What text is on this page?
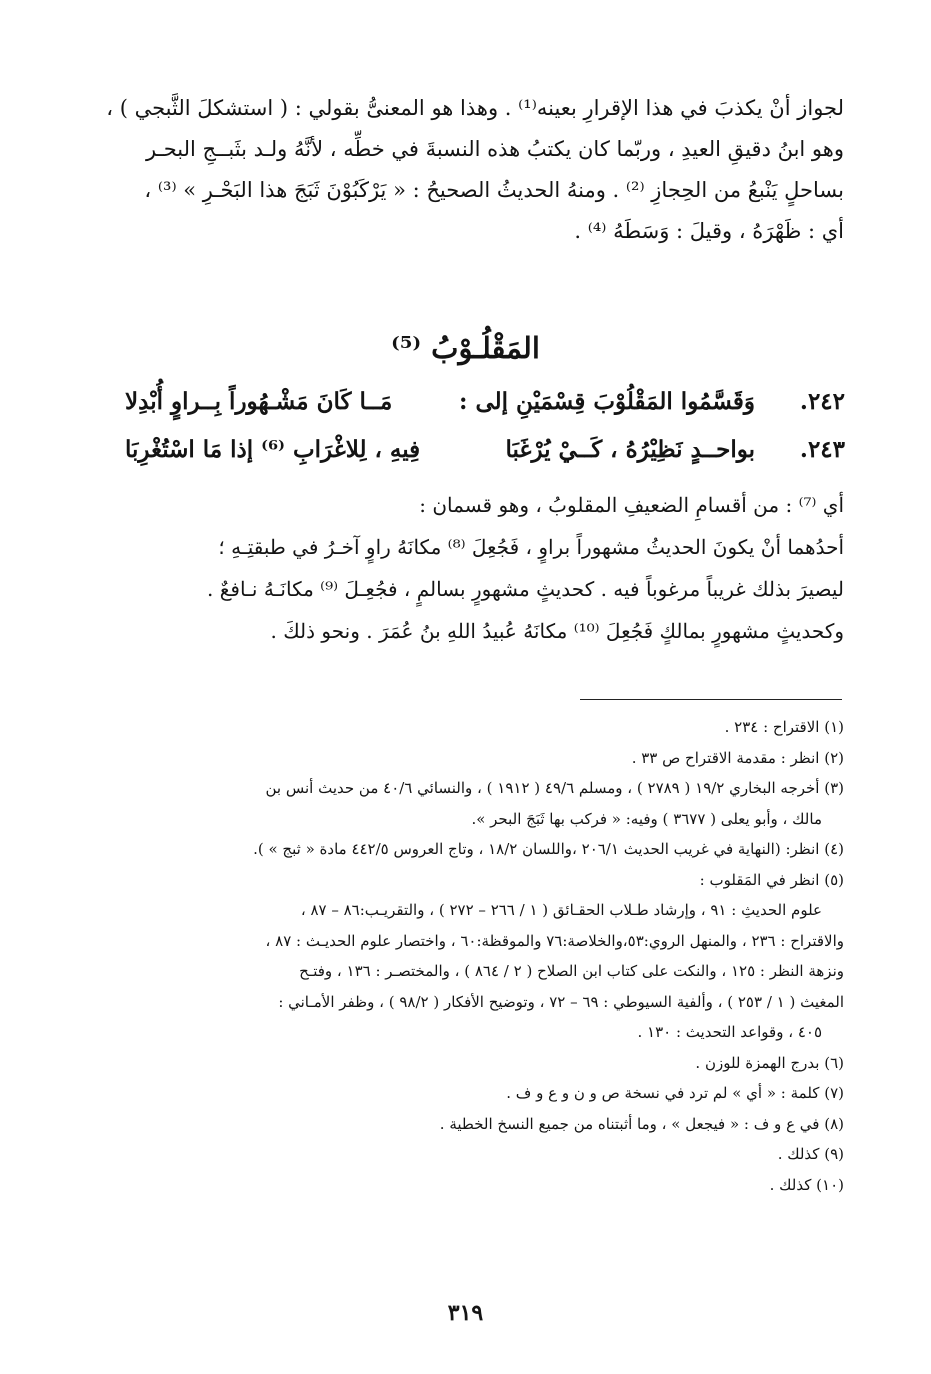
لجواز أنْ يكذبَ في هذا الإقرارِ بعينه⁽¹⁾ . وهذا هو المعنىُّ بقولي : ( استشكلَ الثَّبجي ) ،
وهو ابنُ دقيقِ العيدِ ، وربّما كان يكتبُ هذه النسبةَ في خطِّه ، لأنَّهُ ولـد بثَبــجِ البحـر
بساحلٍ يَنْبعُ من الحِجازِ ⁽²⁾ . ومنهُ الحديثُ الصحيحُ : « يَرْكَبُوْنَ ثَبَجَ هذا البَحْـرِ » ⁽³⁾ ،
أي : ظَهْرَهُ ، وقيلَ : وَسَطَهُ ⁽⁴⁾ .
المَقْلُـوْبُ ⁽⁵⁾
٢٤٢.
وَقَسَّمُوا المَقْلُوْبَ قِسْمَيْنِ إلى :
مَــا كَانَ مَشْـهُوراً بِــراوٍ أُبْدِلا
٢٤٣.
بواحــدٍ نَظِيْرُهُ ، كَــيْ يُرْغَبَا
فِيهِ ، لِلاغْرَابِ ⁽⁶⁾ إذا مَا اسْتُغْرِبَا
أي ⁽⁷⁾ : من أقسامِ الضعيفِ المقلوبُ ، وهو قسمان :
أحدُهما أنْ يكونَ الحديثُ مشهوراً براوٍ ، فَجُعِلَ ⁽⁸⁾ مكانَهُ راوٍ آخـرُ في طبقتِـهِ ؛
ليصيرَ بذلك غريباً مرغوباً فيه . كحديثٍ مشهورٍ بسالمٍ ، فجُعِـلَ ⁽⁹⁾ مكانَـهُ نـافعٌ .
وكحديثٍ مشهورٍ بمالكٍ فَجُعِلَ ⁽¹⁰⁾ مكانَهُ عُبيدُ اللهِ بنُ عُمَرَ . ونحو ذلكَ .
(١) الاقتراح : ٢٣٤ .
(٢) انظر : مقدمة الاقتراح ص ٣٣ .
(٣) أخرجه البخاري ١٩/٢ ( ٢٧٨٩ ) ، ومسلم ٤٩/٦ ( ١٩١٢ ) ، والنسائي ٤٠/٦ من حديث أنس بن
مالك ، وأبو يعلى ( ٣٦٧٧ ) وفيه: « فركب بها ثَبَجَ البحر ».
(٤) انظر: (النهاية في غريب الحديث ٢٠٦/١ ،واللسان ١٨/٢ ، وتاج العروس ٤٤٢/٥ مادة « ثبج » ).
(٥) انظر في المَقلوب :
علوم الحديثِ : ٩١ ، وإرشاد طـلاب الحقـائق ( ١ / ٢٦٦ – ٢٧٢ ) ، والتقريـب:٨٦ – ٨٧ ،
والاقتراح : ٢٣٦ ، والمنهل الروي:٥٣،والخلاصة:٧٦ والموقظة:٦٠ ، واختصار علوم الحديـث : ٨٧ ،
ونزهة النظر : ١٢٥ ، والنكت على كتاب ابن الصلاح ( ٢ / ٨٦٤ ) ، والمختصـر : ١٣٦ ، وفتـح
المغيث ( ١ / ٢٥٣ ) ، وألفية السيوطي : ٦٩ – ٧٢ ، وتوضيح الأفكار ( ٩٨/٢ ) ، وظفر الأمـاني :
٤٠٥ ، وقواعد التحديث : ١٣٠ .
(٦) بدرج الهمزة للوزن .
(٧) كلمة : « أي » لم ترد في نسخة ص و ن و ع و ف .
(٨) في ع و ف : « فيجعل » ، وما أثبتناه من جميع النسخ الخطية .
(٩) كذلك .
(١٠) كذلك .
٣١٩
